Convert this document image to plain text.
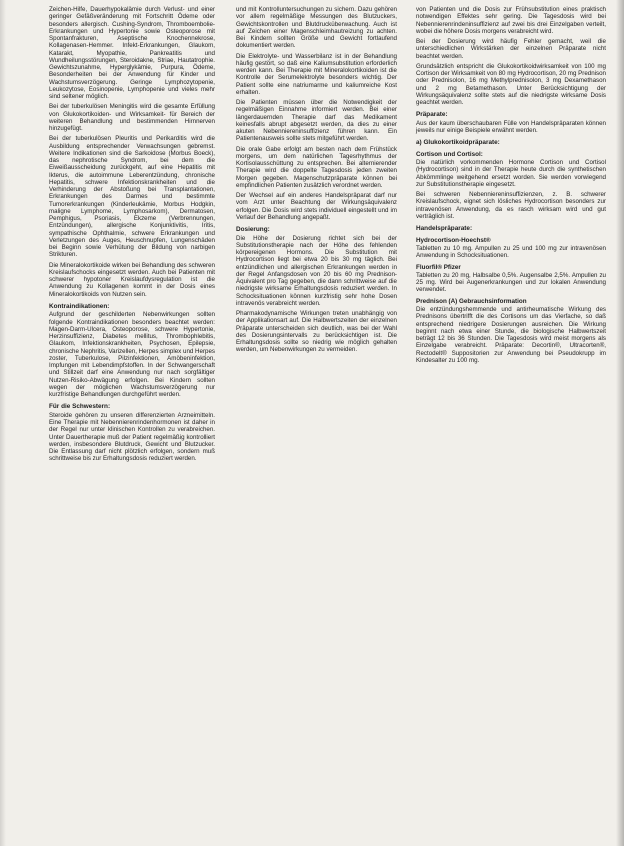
Zeichen-Hilfe, Dauerhypokalämie durch Verlust- und einer geringer Gefäßveränderung mit Fortschritt Ödeme oder besonders allergisch. Cushing-Syndrom, Thromboembolie-Erkrankungen und Hypertonie sowie Osteoporose mit Spontanfrakturen, Aseptische Knochennekrose, Kollagenasen-Hemmer. Infekt-Erkrankungen, Glaukom, Katarakt, Myopathie, Pankreatitis und Wundheilungsstörungen, Steroidakne, Striae, Hautatrophie. Gewichtszunahme, Hyperglykämie, Purpura, Ödeme, Besonderheiten bei der Anwendung für Kinder und Wachstumsverzögerung. Geringe Lymphozytopenie, Leukozytose, Eosinopenie, Lymphopenie und vieles mehr sind seltener möglich.

Bei der tuberkulösen Meningitis wird die gesamte Erfüllung von Glukokortikoiden- und Wirksamkeit- für Bereich der weiteren Behandlung und bestimmenden Hirnnerven hinzugefügt.

Bei der tuberkulösen Pleuritis und Perikarditis wird die Ausbildung entsprechender Verwachsungen gebremst. Weitere Indikationen sind die Sarkoidose (Morbus Boeck), das nephrotische Syndrom, bei dem die Eiweißausscheidung zurückgeht, auf eine Hepatitis mit Ikterus, die autoimmune Leberentzündung, chronische Hepatitis, schwere Infektionskrankheiten und die Verhinderung der Abstoßung bei Transplantationen, Erkrankungen des Darmes und bestimmte Tumorerkrankungen (Kinderleukämie, Morbus Hodgkin, maligne Lymphome, Lymphosarkom), Dermatosen, Pemphigus, Psoriasis, Ekzeme (Verbrennungen, Entzündungen), allergische Konjunktivitis, Iritis, sympathische Ophthalmie, schwere Erkrankungen und Verletzungen des Auges, Heuschnupfen, Lungenschäden bei Beginn sowie Verhütung der Bildung von narbigen Strikturen.

Die Mineralokortikoide wirken bei Behandlung des schweren Kreislaufschocks eingesetzt werden. Auch bei Patienten mit schwerer hypotoner Kreislaufdysregulation ist die Anwendung zu Kollagenen kommt in der Dosis eines Mineralokortikoids von Nutzen sein.

Kontraindikationen:

Aufgrund der geschilderten Nebenwirkungen sollten folgende Kontraindikationen besonders beachtet werden: Magen-Darm-Ulcera, Osteoporose, schwere Hypertonie, Herzinsuffizienz, Diabetes mellitus, Thrombophlebitis, Glaukom, Infektionskrankheiten, Psychosen, Epilepsie, chronische Nephritis, Varizellen, Herpes simplex und Herpes zoster, Tuberkulose, Pilzinfektionen, Amöbeninfektion, Impfungen mit Lebendimpfstoffen. In der Schwangerschaft und Stillzeit darf eine Anwendung nur nach sorgfältiger Nutzen-Risiko-Abwägung erfolgen. Bei Kindern sollten wegen der möglichen Wachstumsverzögerung nur kurzfristige Behandlungen durchgeführt werden.

Für die Schwestern:

Steroide gehören zu unseren differenzierten Arzneimitteln. Eine Therapie mit Nebennierenrindenhormonen ist daher in der Regel nur unter klinischen Kontrollen zu verabreichen. Unter Dauertherapie muß der Patient regelmäßig kontrolliert werden, insbesondere Blutdruck, Gewicht und Blutzucker. Die Entlassung darf nicht plötzlich erfolgen, sondern muß schrittweise bis zur Erhaltungsdosis reduziert werden.

und mit Kontrolluntersuchungen zu sichern. Dazu gehören vor allem regelmäßige Messungen des Blutzuckers, Gewichtskontrollen und Blutdrucküberwachung. Auch ist auf Zeichen einer Magenschleimhautreizung zu achten. Bei Kindern sollten Größe und Gewicht fortlaufend dokumentiert werden.

Die Elektrolyte- und Wasserbilanz ist in der Behandlung häufig gestört, so daß eine Kaliumsubstitution erforderlich werden kann. Bei Therapie mit Mineralokortikoiden ist die Kontrolle der Serumelektrolyte besonders wichtig. Der Patient sollte eine natriumarme und kaliumreiche Kost erhalten.

Die Patienten müssen über die Notwendigkeit der regelmäßigen Einnahme informiert werden. Bei einer längerdauernden Therapie darf das Medikament keinesfalls abrupt abgesetzt werden, da dies zu einer akuten Nebenniereninsuffizienz führen kann. Ein Patientenausweis sollte stets mitgeführt werden.

Die orale Gabe erfolgt am besten nach dem Frühstück morgens, um dem natürlichen Tagesrhythmus der Kortisolausschüttung zu entsprechen. Bei alternierender Therapie wird die doppelte Tagesdosis jeden zweiten Morgen gegeben. Magenschutzpräparate können bei empfindlichen Patienten zusätzlich verordnet werden.

Der Wechsel auf ein anderes Handelspräparat darf nur vom Arzt unter Beachtung der Wirkungsäquivalenz erfolgen. Die Dosis wird stets individuell eingestellt und im Verlauf der Behandlung angepaßt.

Dosierung:

Die Höhe der Dosierung richtet sich bei der Substitutionstherapie nach der Höhe des fehlenden körpereigenen Hormons. Die Substitution mit Hydrocortison liegt bei etwa 20 bis 30 mg täglich. Bei entzündlichen und allergischen Erkrankungen werden in der Regel Anfangsdosen von 20 bis 60 mg Prednison-Äquivalent pro Tag gegeben, die dann schrittweise auf die niedrigste wirksame Erhaltungsdosis reduziert werden. In Schocksituationen können kurzfristig sehr hohe Dosen intravenös verabreicht werden.

Pharmakodynamische Wirkungen treten unabhängig von der Applikationsart auf. Die Halbwertszeiten der einzelnen Präparate unterscheiden sich deutlich, was bei der Wahl des Dosierungsintervalls zu berücksichtigen ist. Die Erhaltungsdosis sollte so niedrig wie möglich gehalten werden, um Nebenwirkungen zu vermeiden.

von Patienten und die Dosis zur Frühsubstitution eines praktisch notwendigen Effektes sehr gering. Die Tagesdosis wird bei Nebennierenrindeninsuffizienz auf zwei bis drei Einzelgaben verteilt, wobei die höhere Dosis morgens verabreicht wird.

Bei der Dosierung wird häufig Fehler gemacht, weil die unterschiedlichen Wirkstärken der einzelnen Präparate nicht beachtet werden.

Grundsätzlich entspricht die Glukokortikoidwirksamkeit von 100 mg Cortison der Wirksamkeit von 80 mg Hydrocortison, 20 mg Prednison oder Prednisolon, 16 mg Methylprednisolon, 3 mg Dexamethason und 2 mg Betamethason. Unter Berücksichtigung der Wirkungsäquivalenz sollte stets auf die niedrigste wirksame Dosis geachtet werden.

Präparate:

Aus der kaum überschaubaren Fülle von Handelspräparaten können jeweils nur einige Beispiele erwähnt werden.

a) Glukokortikoidpräparate:
Cortison und Cortisol:

Die natürlich vorkommenden Hormone Cortison und Cortisol (Hydrocortison) sind in der Therapie heute durch die synthetischen Abkömmlinge weitgehend ersetzt worden. Sie werden vorwiegend zur Substitutionstherapie eingesetzt.

Bei schweren Nebenniereninsuffizienzen, z. B. schwerer Kreislaufschock, eignet sich lösliches Hydrocortison besonders zur intravenösen Anwendung, da es rasch wirksam wird und gut verträglich ist.

Handelspräparate:
Hydrocortison-Hoechst®

Tabletten zu 10 mg. Ampullen zu 25 und 100 mg zur intravenösen Anwendung in Schocksituationen.

Fluorfil® Pfizer

Tabletten zu 20 mg, Halbsalbe 0,5%. Augensalbe 2,5%. Ampullen zu 25 mg. Wird bei Augenerkrankungen und zur lokalen Anwendung verwendet.

Prednison (A) Gebrauchsinformation

Die entzündungshemmende und antirheumatische Wirkung des Prednisons übertrifft die des Cortisons um das Vierfache, so daß entsprechend niedrigere Dosierungen ausreichen. Die Wirkung beginnt nach etwa einer Stunde, die biologische Halbwertszeit beträgt 12 bis 36 Stunden. Die Tagesdosis wird meist morgens als Einzelgabe verabreicht. Präparate: Decortin®, Ultracorten®, Rectodelt® Suppositorien zur Anwendung bei Pseudokrupp im Kindesalter zu 100 mg.
